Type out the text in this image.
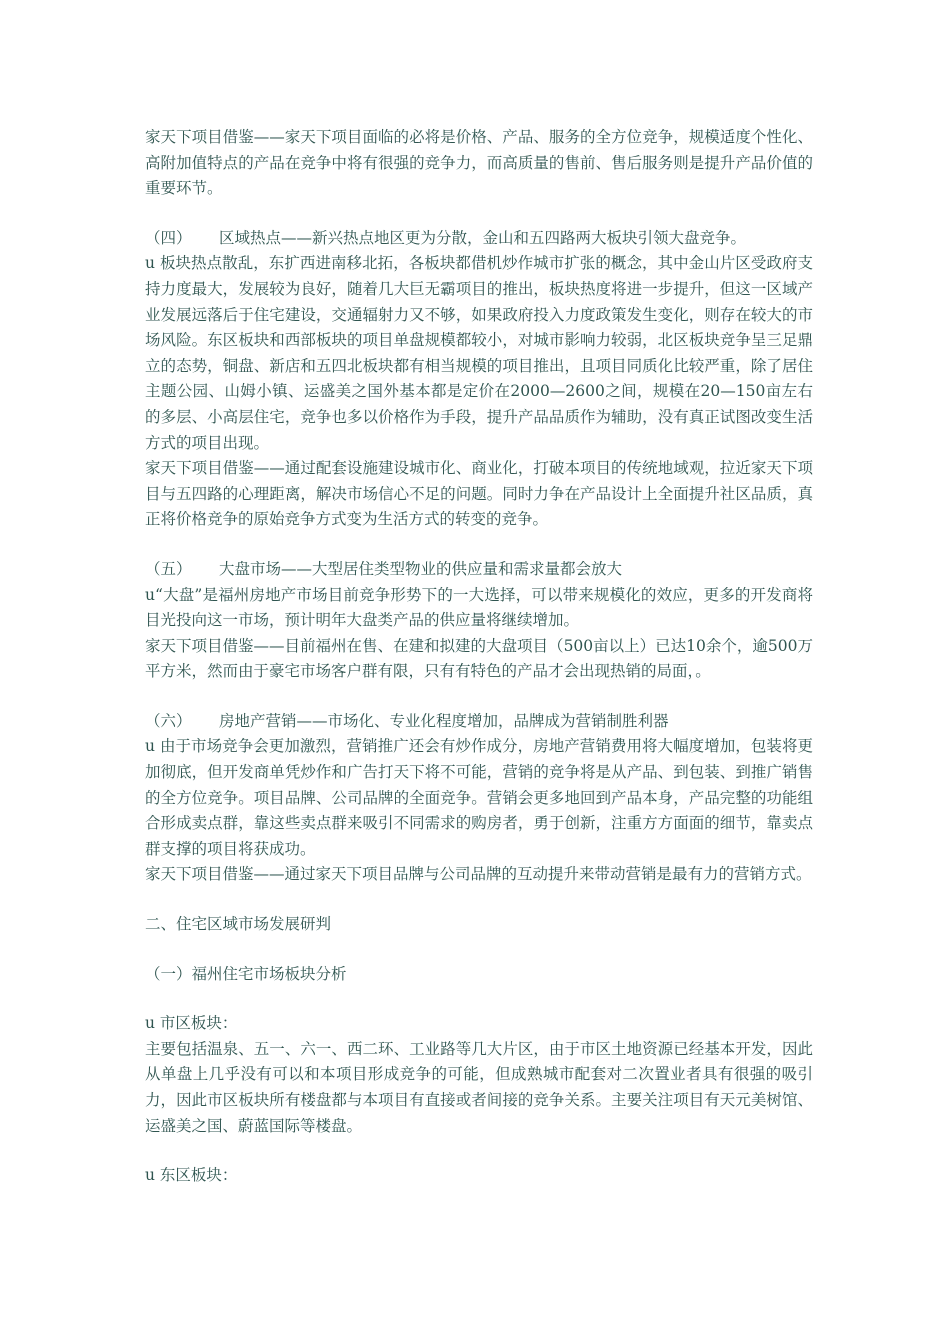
家天下项目借鉴——家天下项目面临的必将是价格、产品、服务的全方位竞争，规模适度个性化、高附加值特点的产品在竞争中将有很强的竞争力，而高质量的售前、售后服务则是提升产品价值的重要环节。

（四） 区域热点——新兴热点地区更为分散，金山和五四路两大板块引领大盘竞争。

u 板块热点散乱，东扩西进南移北拓，各板块都借机炒作城市扩张的概念，其中金山片区受政府支持力度最大，发展较为良好，随着几大巨无霸项目的推出，板块热度将进一步提升，但这一区域产业发展远落后于住宅建设，交通辐射力又不够，如果政府投入力度政策发生变化，则存在较大的市场风险。东区板块和西部板块的项目单盘规模都较小，对城市影响力较弱，北区板块竞争呈三足鼎立的态势，铜盘、新店和五四北板块都有相当规模的项目推出，且项目同质化比较严重，除了居住主题公园、山姆小镇、运盛美之国外基本都是定价在2000—2600之间，规模在20—150亩左右的多层、小高层住宅，竞争也多以价格作为手段，提升产品品质作为辅助，没有真正试图改变生活方式的项目出现。

家天下项目借鉴——通过配套设施建设城市化、商业化，打破本项目的传统地域观，拉近家天下项目与五四路的心理距离，解决市场信心不足的问题。同时力争在产品设计上全面提升社区品质，真正将价格竞争的原始竞争方式变为生活方式的转变的竞争。

（五） 大盘市场——大型居住类型物业的供应量和需求量都会放大

u“大盘”是福州房地产市场目前竞争形势下的一大选择，可以带来规模化的效应，更多的开发商将目光投向这一市场，预计明年大盘类产品的供应量将继续增加。

家天下项目借鉴——目前福州在售、在建和拟建的大盘项目（500亩以上）已达10余个，逾500万平方米，然而由于豪宅市场客户群有限，只有有特色的产品才会出现热销的局面，。

（六） 房地产营销——市场化、专业化程度增加，品牌成为营销制胜利器

u 由于市场竞争会更加激烈，营销推广还会有炒作成分，房地产营销费用将大幅度增加，包装将更加彻底，但开发商单凭炒作和广告打天下将不可能，营销的竞争将是从产品、到包装、到推广销售的全方位竞争。项目品牌、公司品牌的全面竞争。营销会更多地回到产品本身，产品完整的功能组合形成卖点群，靠这些卖点群来吸引不同需求的购房者，勇于创新，注重方方面面的细节，靠卖点群支撑的项目将获成功。

家天下项目借鉴——通过家天下项目品牌与公司品牌的互动提升来带动营销是最有力的营销方式。

二、住宅区域市场发展研判

（一）福州住宅市场板块分析

u 市区板块：

主要包括温泉、五一、六一、西二环、工业路等几大片区，由于市区土地资源已经基本开发，因此从单盘上几乎没有可以和本项目形成竞争的可能，但成熟城市配套对二次置业者具有很强的吸引力，因此市区板块所有楼盘都与本项目有直接或者间接的竞争关系。主要关注项目有天元美树馆、运盛美之国、蔚蓝国际等楼盘。

u 东区板块：
